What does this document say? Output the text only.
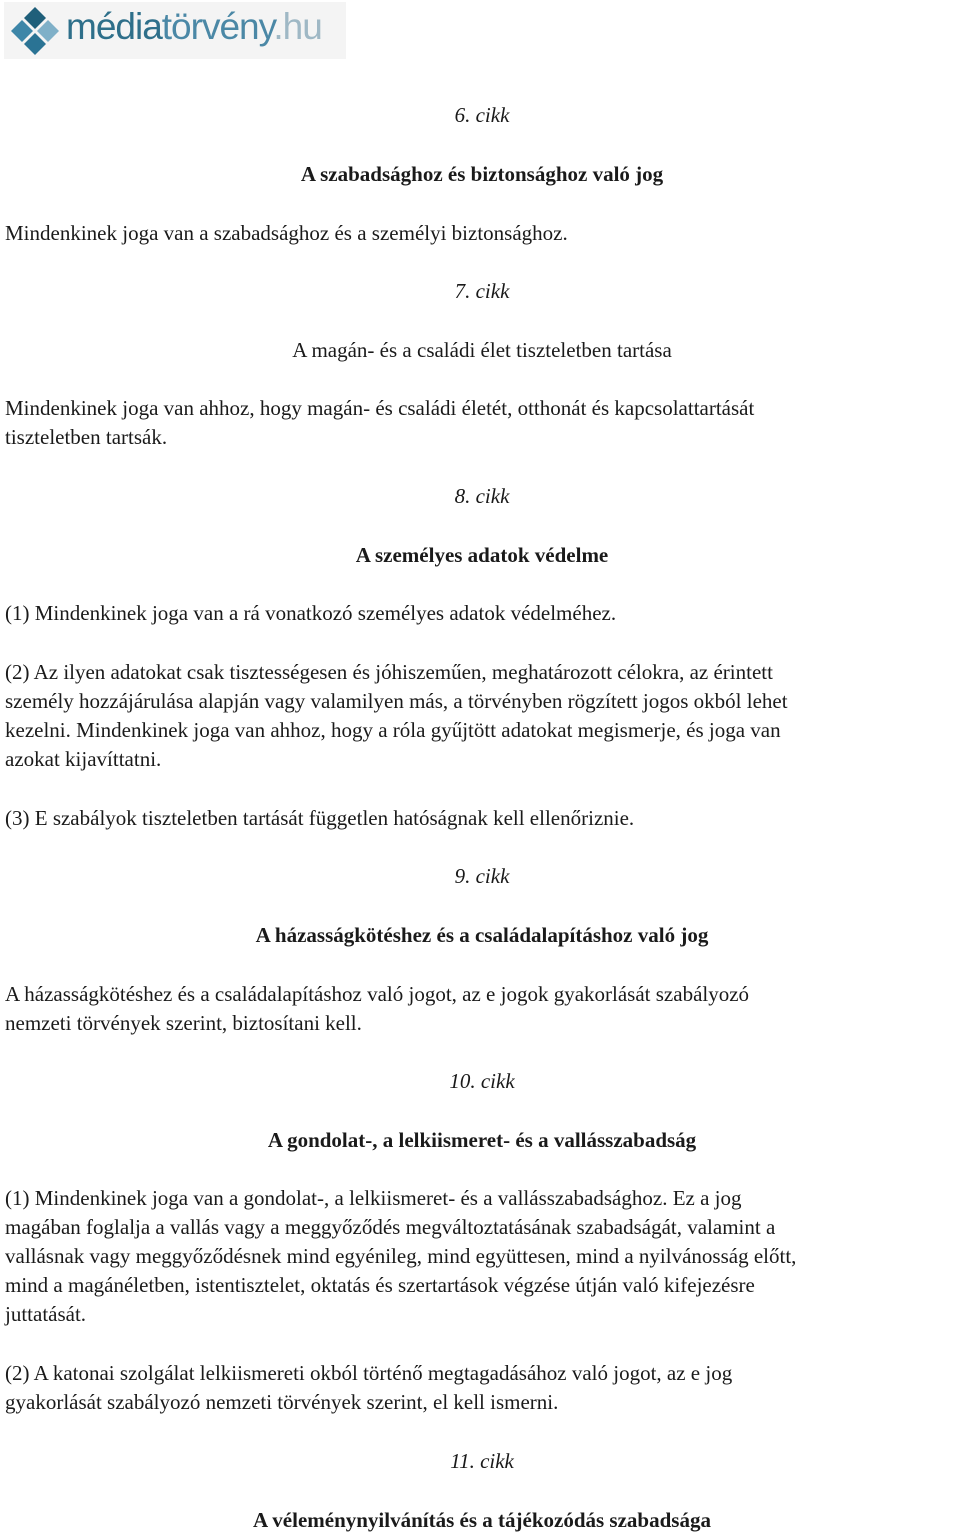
médiatörvény.hu

6. cikk

A szabadsághoz és biztonsághoz való jog

Mindenkinek joga van a szabadsághoz és a személyi biztonsághoz.

7. cikk

A magán- és a családi élet tiszteletben tartása

Mindenkinek joga van ahhoz, hogy magán- és családi életét, otthonát és kapcsolattartását

tiszteletben tartsák.

8. cikk

A személyes adatok védelme

(1) Mindenkinek joga van a rá vonatkozó személyes adatok védelméhez.

(2) Az ilyen adatokat csak tisztességesen és jóhiszeműen, meghatározott célokra, az érintett

személy hozzájárulása alapján vagy valamilyen más, a törvényben rögzített jogos okból lehet

kezelni. Mindenkinek joga van ahhoz, hogy a róla gyűjtött adatokat megismerje, és joga van

azokat kijavíttatni.

(3) E szabályok tiszteletben tartását független hatóságnak kell ellenőriznie.

9. cikk

A házasságkötéshez és a családalapításhoz való jog

A házasságkötéshez és a családalapításhoz való jogot, az e jogok gyakorlását szabályozó

nemzeti törvények szerint, biztosítani kell.

10. cikk

A gondolat-, a lelkiismeret- és a vallásszabadság

(1) Mindenkinek joga van a gondolat-, a lelkiismeret- és a vallásszabadsághoz. Ez a jog

magában foglalja a vallás vagy a meggyőződés megváltoztatásának szabadságát, valamint a

vallásnak vagy meggyőződésnek mind egyénileg, mind együttesen, mind a nyilvánosság előtt,

mind a magánéletben, istentisztelet, oktatás és szertartások végzése útján való kifejezésre

juttatását.

(2) A katonai szolgálat lelkiismereti okból történő megtagadásához való jogot, az e jog

gyakorlását szabályozó nemzeti törvények szerint, el kell ismerni.

11. cikk

A véleménynyilvánítás és a tájékozódás szabadsága
